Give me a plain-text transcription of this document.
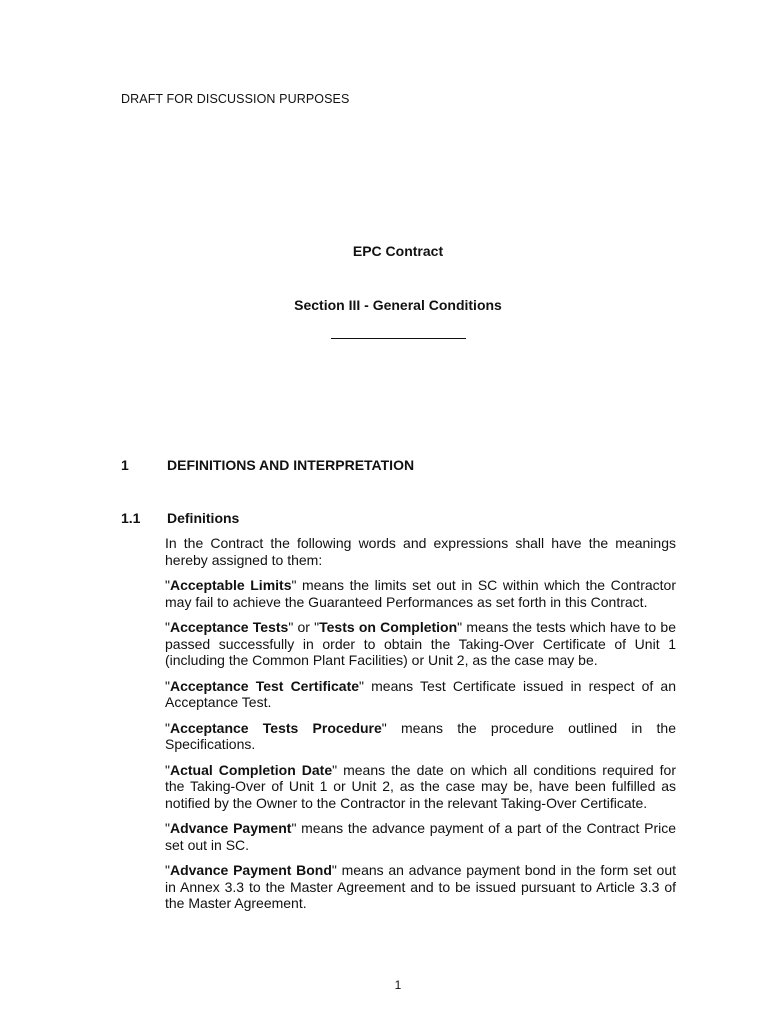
DRAFT FOR DISCUSSION PURPOSES
EPC Contract
Section III - General Conditions
1	DEFINITIONS AND INTERPRETATION
1.1 Definitions

In the Contract the following words and expressions shall have the meanings hereby assigned to them:

"Acceptable Limits" means the limits set out in SC within which the Contractor may fail to achieve the Guaranteed Performances as set forth in this Contract.

"Acceptance Tests" or "Tests on Completion" means the tests which have to be passed successfully in order to obtain the Taking-Over Certificate of Unit 1 (including the Common Plant Facilities) or Unit 2, as the case may be.

"Acceptance Test Certificate" means Test Certificate issued in respect of an Acceptance Test.

"Acceptance Tests Procedure" means the procedure outlined in the Specifications.

"Actual Completion Date" means the date on which all conditions required for the Taking-Over of Unit 1 or Unit 2, as the case may be, have been fulfilled as notified by the Owner to the Contractor in the relevant Taking-Over Certificate.

"Advance Payment" means the advance payment of a part of the Contract Price set out in SC.

"Advance Payment Bond" means an advance payment bond in the form set out in Annex 3.3 to the Master Agreement and to be issued pursuant to Article 3.3 of the Master Agreement.

1
